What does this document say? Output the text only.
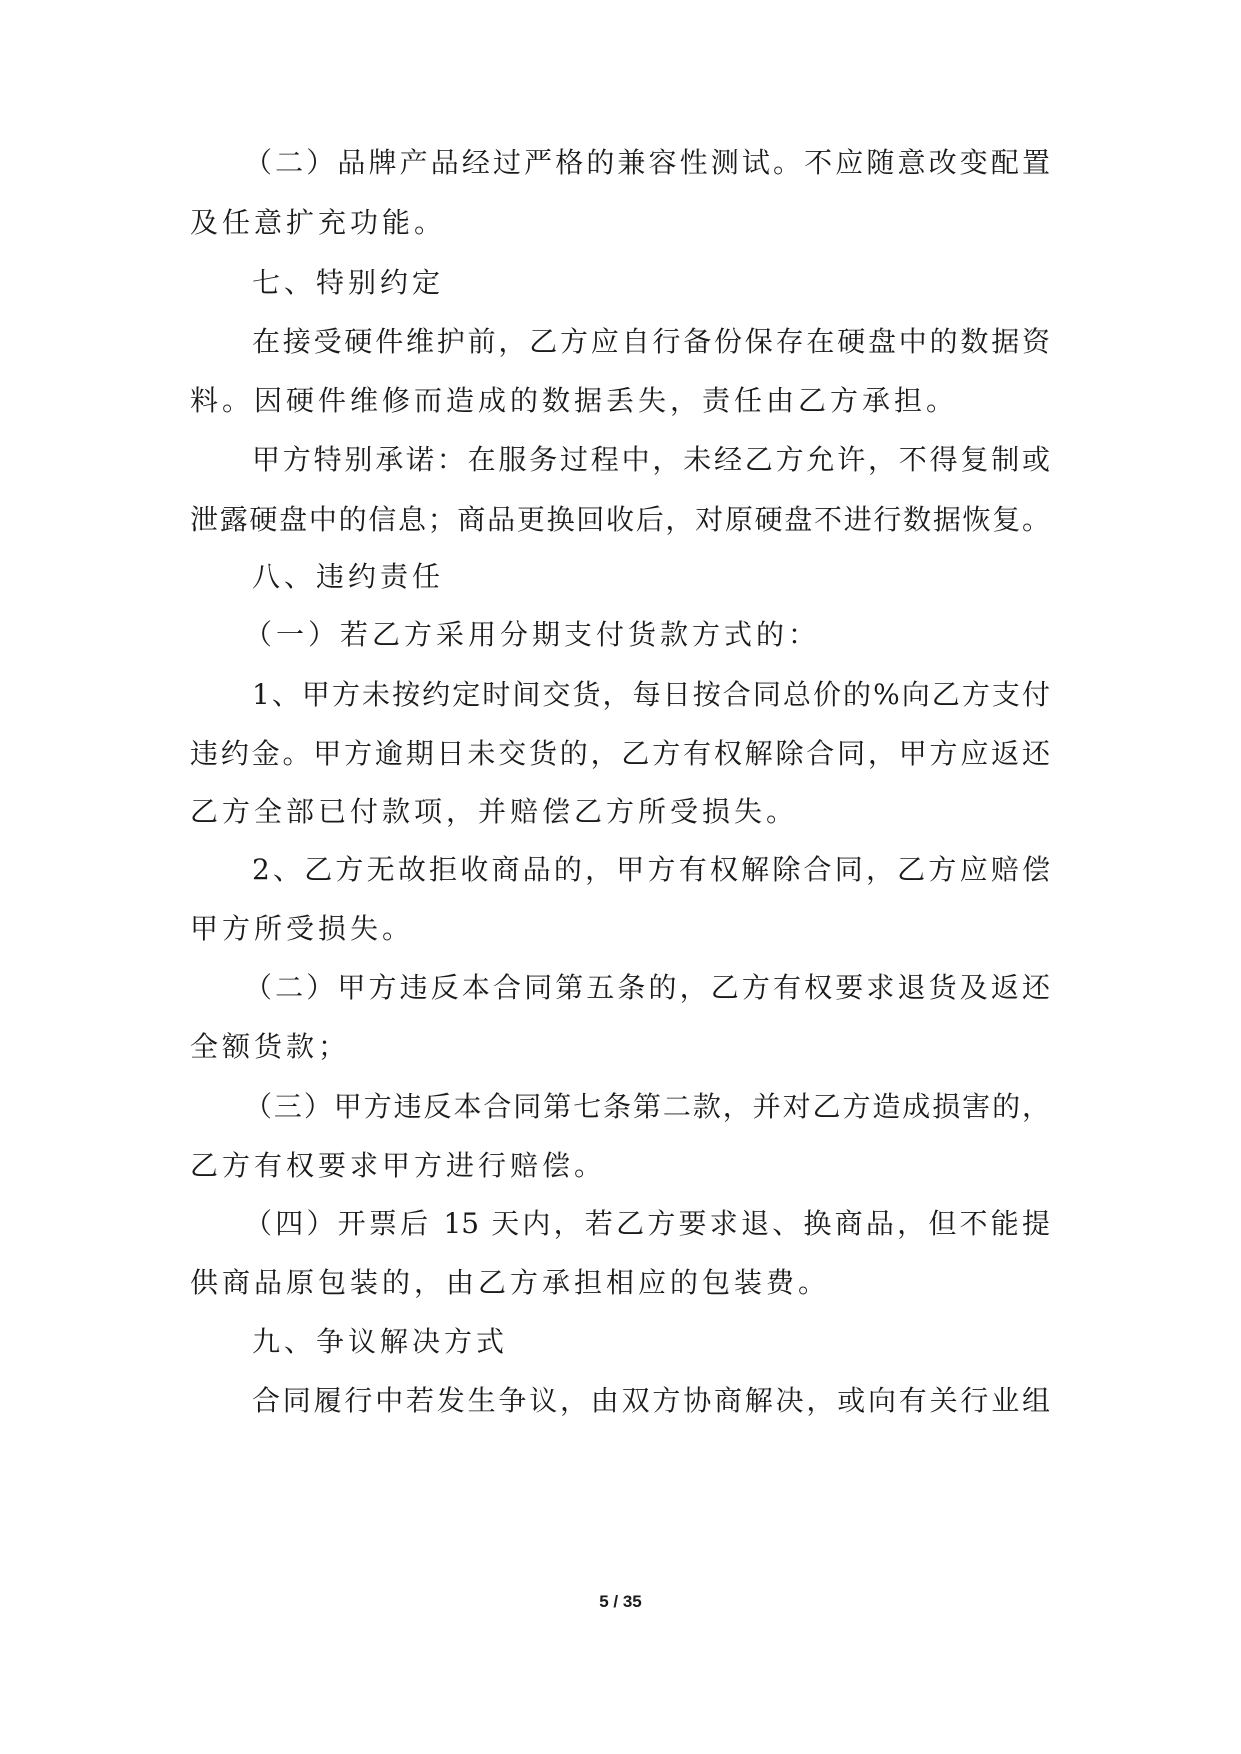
（二）品牌产品经过严格的兼容性测试。不应随意改变配置
及任意扩充功能。
七、特别约定
在接受硬件维护前，乙方应自行备份保存在硬盘中的数据资
料。因硬件维修而造成的数据丢失，责任由乙方承担。
甲方特别承诺：在服务过程中，未经乙方允许，不得复制或
泄露硬盘中的信息；商品更换回收后，对原硬盘不进行数据恢复。
八、违约责任
（一）若乙方采用分期支付货款方式的：
1、甲方未按约定时间交货，每日按合同总价的%向乙方支付
违约金。甲方逾期日未交货的，乙方有权解除合同，甲方应返还
乙方全部已付款项，并赔偿乙方所受损失。
2、乙方无故拒收商品的，甲方有权解除合同，乙方应赔偿
甲方所受损失。
（二）甲方违反本合同第五条的，乙方有权要求退货及返还
全额货款；
（三）甲方违反本合同第七条第二款，并对乙方造成损害的，
乙方有权要求甲方进行赔偿。
（四）开票后 15 天内，若乙方要求退、换商品，但不能提
供商品原包装的，由乙方承担相应的包装费。
九、争议解决方式
合同履行中若发生争议，由双方协商解决，或向有关行业组
5 / 35
